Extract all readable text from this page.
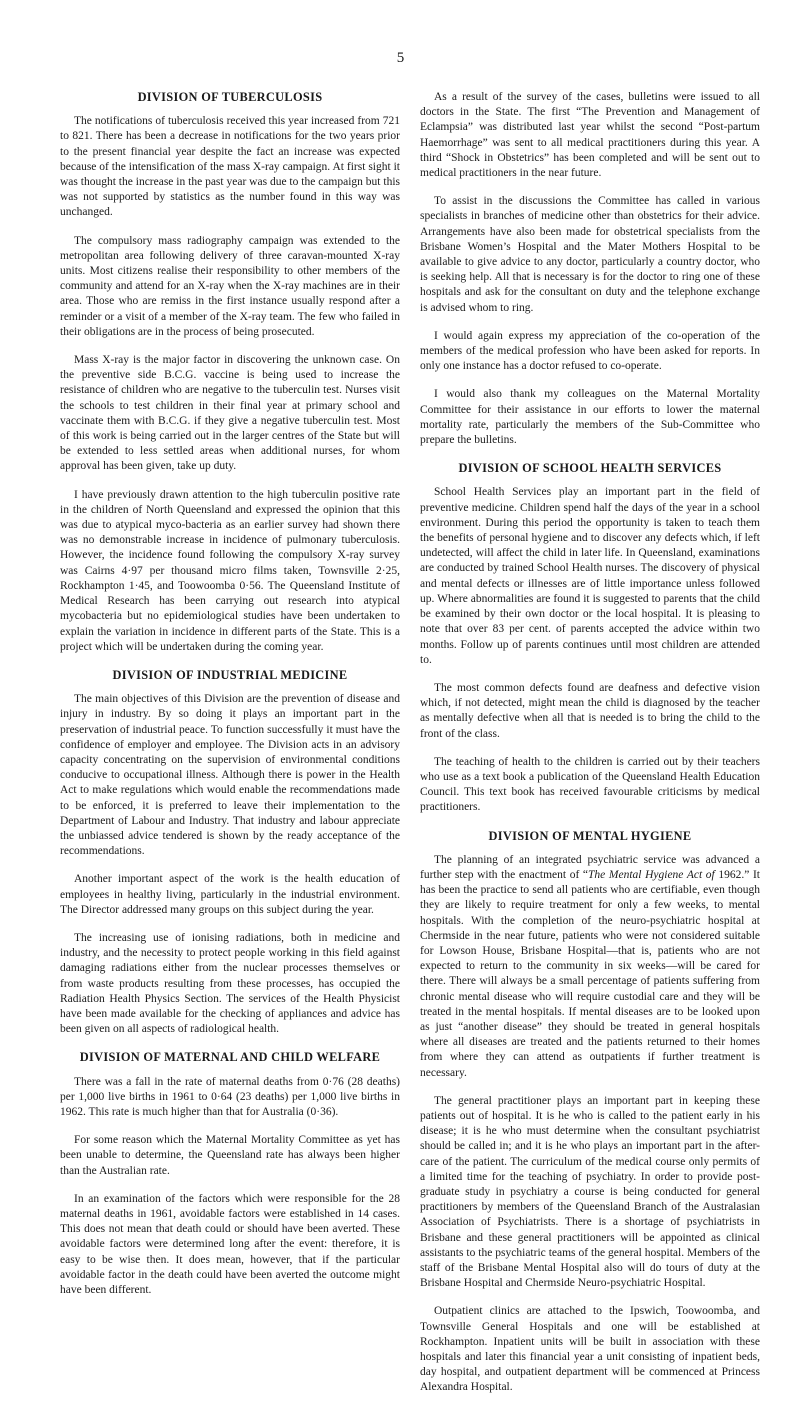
5
DIVISION OF TUBERCULOSIS

The notifications of tuberculosis received this year increased from 721 to 821. There has been a decrease in notifications for the two years prior to the present financial year despite the fact an increase was expected because of the intensification of the mass X-ray campaign. At first sight it was thought the increase in the past year was due to the campaign but this was not supported by statistics as the number found in this way was unchanged.

The compulsory mass radiography campaign was extended to the metropolitan area following delivery of three caravan-mounted X-ray units. Most citizens realise their responsibility to other members of the community and attend for an X-ray when the X-ray machines are in their area. Those who are remiss in the first instance usually respond after a reminder or a visit of a member of the X-ray team. The few who failed in their obligations are in the process of being prosecuted.

Mass X-ray is the major factor in discovering the unknown case. On the preventive side B.C.G. vaccine is being used to increase the resistance of children who are negative to the tuberculin test. Nurses visit the schools to test children in their final year at primary school and vaccinate them with B.C.G. if they give a negative tuberculin test. Most of this work is being carried out in the larger centres of the State but will be extended to less settled areas when additional nurses, for whom approval has been given, take up duty.

I have previously drawn attention to the high tuberculin positive rate in the children of North Queensland and expressed the opinion that this was due to atypical myco-bacteria as an earlier survey had shown there was no demonstrable increase in incidence of pulmonary tuberculosis. However, the incidence found following the compulsory X-ray survey was Cairns 4·97 per thousand micro films taken, Townsville 2·25, Rockhampton 1·45, and Toowoomba 0·56. The Queensland Institute of Medical Research has been carrying out research into atypical mycobacteria but no epidemiological studies have been undertaken to explain the variation in incidence in different parts of the State. This is a project which will be undertaken during the coming year.

DIVISION OF INDUSTRIAL MEDICINE

The main objectives of this Division are the prevention of disease and injury in industry. By so doing it plays an important part in the preservation of industrial peace. To function successfully it must have the confidence of employer and employee. The Division acts in an advisory capacity concentrating on the supervision of environmental conditions conducive to occupational illness. Although there is power in the Health Act to make regulations which would enable the recommendations made to be enforced, it is preferred to leave their implementation to the Department of Labour and Industry. That industry and labour appreciate the unbiassed advice tendered is shown by the ready acceptance of the recommendations.

Another important aspect of the work is the health education of employees in healthy living, particularly in the industrial environment. The Director addressed many groups on this subject during the year.

The increasing use of ionising radiations, both in medicine and industry, and the necessity to protect people working in this field against damaging radiations either from the nuclear processes themselves or from waste products resulting from these processes, has occupied the Radiation Health Physics Section. The services of the Health Physicist have been made available for the checking of appliances and advice has been given on all aspects of radiological health.

DIVISION OF MATERNAL AND CHILD WELFARE

There was a fall in the rate of maternal deaths from 0·76 (28 deaths) per 1,000 live births in 1961 to 0·64 (23 deaths) per 1,000 live births in 1962. This rate is much higher than that for Australia (0·36).

For some reason which the Maternal Mortality Committee as yet has been unable to determine, the Queensland rate has always been higher than the Australian rate.

In an examination of the factors which were responsible for the 28 maternal deaths in 1961, avoidable factors were established in 14 cases. This does not mean that death could or should have been averted. These avoidable factors were determined long after the event: therefore, it is easy to be wise then. It does mean, however, that if the particular avoidable factor in the death could have been averted the outcome might have been different.

As a result of the survey of the cases, bulletins were issued to all doctors in the State. The first “The Prevention and Management of Eclampsia” was distributed last year whilst the second “Post-partum Haemorrhage” was sent to all medical practitioners during this year. A third “Shock in Obstetrics” has been completed and will be sent out to medical practitioners in the near future.

To assist in the discussions the Committee has called in various specialists in branches of medicine other than obstetrics for their advice. Arrangements have also been made for obstetrical specialists from the Brisbane Women’s Hospital and the Mater Mothers Hospital to be available to give advice to any doctor, particularly a country doctor, who is seeking help. All that is necessary is for the doctor to ring one of these hospitals and ask for the consultant on duty and the telephone exchange is advised whom to ring.

I would again express my appreciation of the co-operation of the members of the medical profession who have been asked for reports. In only one instance has a doctor refused to co-operate.

I would also thank my colleagues on the Maternal Mortality Committee for their assistance in our efforts to lower the maternal mortality rate, particularly the members of the Sub-Committee who prepare the bulletins.

DIVISION OF SCHOOL HEALTH SERVICES

School Health Services play an important part in the field of preventive medicine. Children spend half the days of the year in a school environment. During this period the opportunity is taken to teach them the benefits of personal hygiene and to discover any defects which, if left undetected, will affect the child in later life. In Queensland, examinations are conducted by trained School Health nurses. The discovery of physical and mental defects or illnesses are of little importance unless followed up. Where abnormalities are found it is suggested to parents that the child be examined by their own doctor or the local hospital. It is pleasing to note that over 83 per cent. of parents accepted the advice within two months. Follow up of parents continues until most children are attended to.

The most common defects found are deafness and defective vision which, if not detected, might mean the child is diagnosed by the teacher as mentally defective when all that is needed is to bring the child to the front of the class.

The teaching of health to the children is carried out by their teachers who use as a text book a publication of the Queensland Health Education Council. This text book has received favourable criticisms by medical practitioners.

DIVISION OF MENTAL HYGIENE

The planning of an integrated psychiatric service was advanced a further step with the enactment of “The Mental Hygiene Act of 1962.” It has been the practice to send all patients who are certifiable, even though they are likely to require treatment for only a few weeks, to mental hospitals. With the completion of the neuro-psychiatric hospital at Chermside in the near future, patients who were not considered suitable for Lowson House, Brisbane Hospital—that is, patients who are not expected to return to the community in six weeks—will be cared for there. There will always be a small percentage of patients suffering from chronic mental disease who will require custodial care and they will be treated in the mental hospitals. If mental diseases are to be looked upon as just “another disease” they should be treated in general hospitals where all diseases are treated and the patients returned to their homes from where they can attend as outpatients if further treatment is necessary.

The general practitioner plays an important part in keeping these patients out of hospital. It is he who is called to the patient early in his disease; it is he who must determine when the consultant psychiatrist should be called in; and it is he who plays an important part in the after-care of the patient. The curriculum of the medical course only permits of a limited time for the teaching of psychiatry. In order to provide post-graduate study in psychiatry a course is being conducted for general practitioners by members of the Queensland Branch of the Australasian Association of Psychiatrists. There is a shortage of psychiatrists in Brisbane and these general practitioners will be appointed as clinical assistants to the psychiatric teams of the general hospital. Members of the staff of the Brisbane Mental Hospital also will do tours of duty at the Brisbane Hospital and Chermside Neuro-psychiatric Hospital.

Outpatient clinics are attached to the Ipswich, Toowoomba, and Townsville General Hospitals and one will be established at Rockhampton. Inpatient units will be built in association with these hospitals and later this financial year a unit consisting of inpatient beds, day hospital, and outpatient department will be commenced at Princess Alexandra Hospital.
